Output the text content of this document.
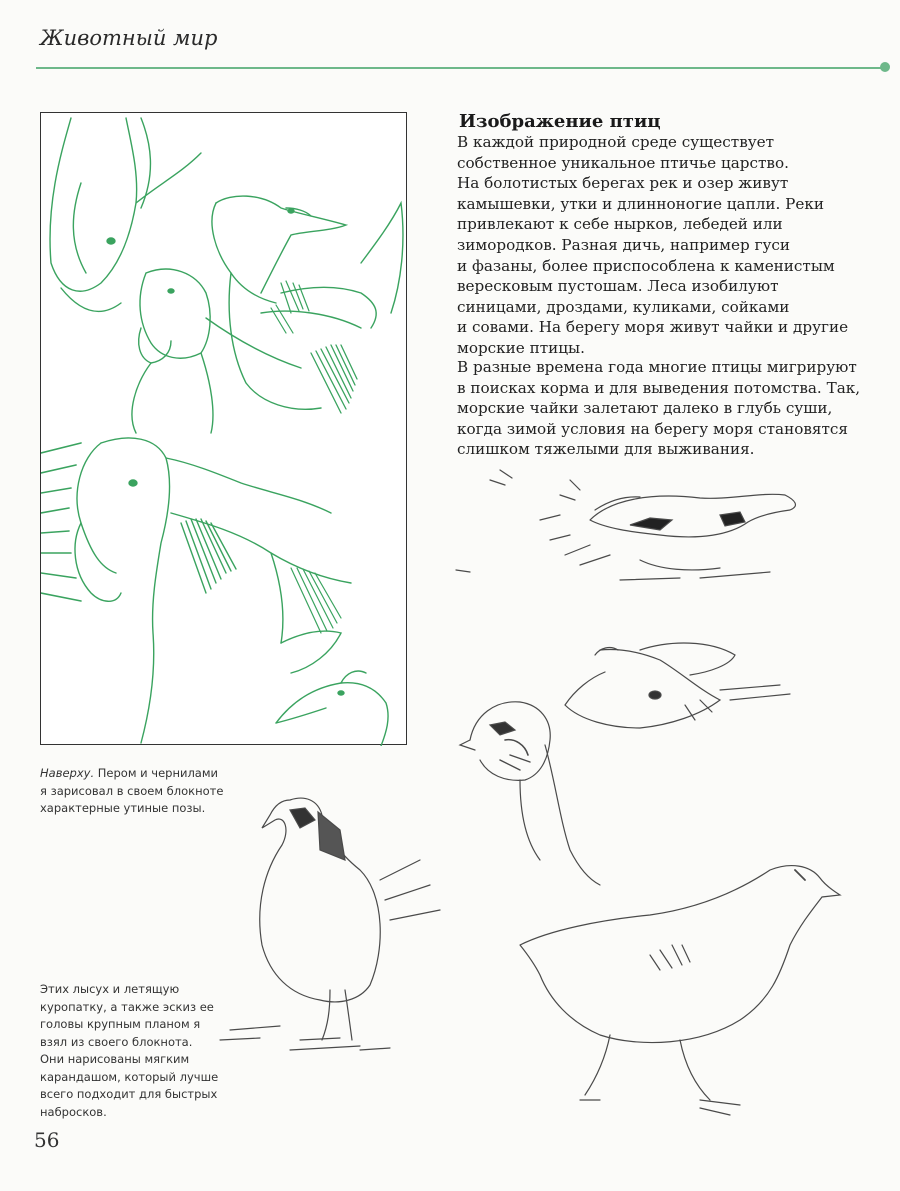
Животный мир
Изображение птиц
В каждой природной среде существует
собственное уникальное птичье царство.
На болотистых берегах рек и озер живут
камышевки, утки и длинноногие цапли. Реки
привлекают к себе нырков, лебедей или
зимородков. Разная дичь, например гуси
и фазаны, более приспособлена к каменистым
вересковым пустошам. Леса изобилуют
синицами, дроздами, куликами, сойками
и совами. На берегу моря живут чайки и другие
морские птицы.
В разные времена года многие птицы мигрируют
в поисках корма и для выведения потомства. Так,
морские чайки залетают далеко в глубь суши,
когда зимой условия на берегу моря становятся
слишком тяжелыми для выживания.
Наверху. Пером и чернилами
я зарисовал в своем блокноте
характерные утиные позы.
Этих лысух и летящую
куропатку, а также эскиз ее
головы крупным планом я
взял из своего блокнота.
Они нарисованы мягким
карандашом, который лучше
всего подходит для быстрых
набросков.
56
